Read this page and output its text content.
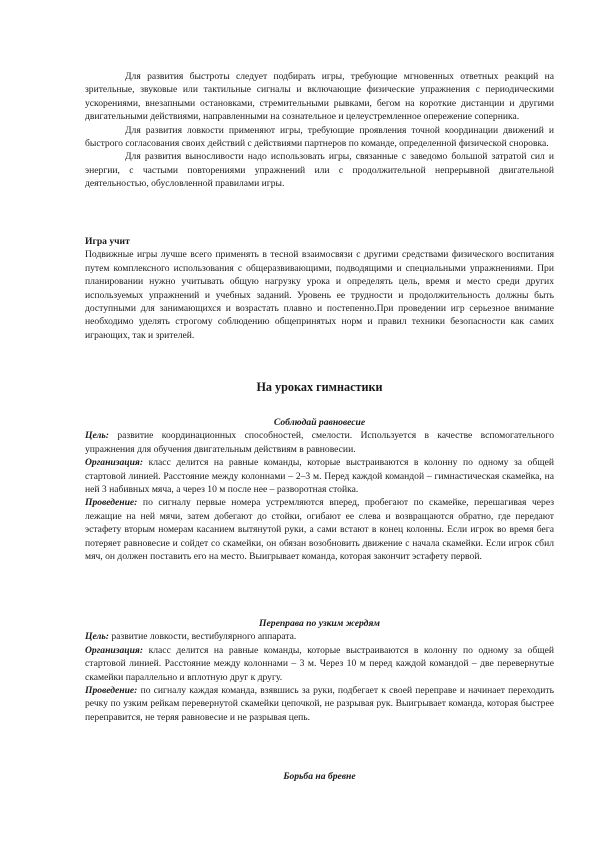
Для развития быстроты следует подбирать игры, требующие мгновенных ответных реакций на зрительные, звуковые или тактильные сигналы и включающие физические упражнения с периодическими ускорениями, внезапными остановками, стремительными рывками, бегом на короткие дистанции и другими двигательными действиями, направленными на сознательное и целеустремленное опережение соперника.

Для развития ловкости применяют игры, требующие проявления точной координации движений и быстрого согласования своих действий с действиями партнеров по команде, определенной физической сноровка.

Для развития выносливости надо использовать игры, связанные с заведомо большой затратой сил и энергии, с частыми повторениями упражнений или с продолжительной непрерывной двигательной деятельностью, обусловленной правилами игры.

Игра учит

Подвижные игры лучше всего применять в тесной взаимосвязи с другими средствами физического воспитания путем комплексного использования с общеразвивающими, подводящими и специальными упражнениями. При планировании нужно учитывать общую нагрузку урока и определять цель, время и место среди других используемых упражнений и учебных заданий. Уровень ее трудности и продолжительность должны быть доступными для занимающихся и возрастать плавно и постепенно.При проведении игр серьезное внимание необходимо уделять строгому соблюдению общепринятых норм и правил техники безопасности как самих играющих, так и зрителей.

На уроках гимнастики

Соблюдай равновесие

Цель: развитие координационных способностей, смелости. Используется в качестве вспомогательного упражнения для обучения двигательным действиям в равновесии.

Организация: класс делится на равные команды, которые выстраиваются в колонну по одному за общей стартовой линией. Расстояние между колоннами – 2–3 м. Перед каждой командой – гимнастическая скамейка, на ней 3 набивных мяча, а через 10 м после нее – разворотная стойка.

Проведение: по сигналу первые номера устремляются вперед, пробегают по скамейке, перешагивая через лежащие на ней мячи, затем добегают до стойки, огибают ее слева и возвращаются обратно, где передают эстафету вторым номерам касанием вытянутой руки, а сами встают в конец колонны. Если игрок во время бега потеряет равновесие и сойдет со скамейки, он обязан возобновить движение с начала скамейки. Если игрок сбил мяч, он должен поставить его на место. Выигрывает команда, которая закончит эстафету первой.

Переправа по узким жердям

Цель: развитие ловкости, вестибулярного аппарата.

Организация: класс делится на равные команды, которые выстраиваются в колонну по одному за общей стартовой линией. Расстояние между колоннами – 3 м. Через 10 м перед каждой командой – две перевернутые скамейки параллельно и вплотную друг к другу.

Проведение: по сигналу каждая команда, взявшись за руки, подбегает к своей переправе и начинает переходить речку по узким рейкам перевернутой скамейки цепочкой, не разрывая рук. Выигрывает команда, которая быстрее переправится, не теряя равновесие и не разрывая цепь.

Борьба на бревне
